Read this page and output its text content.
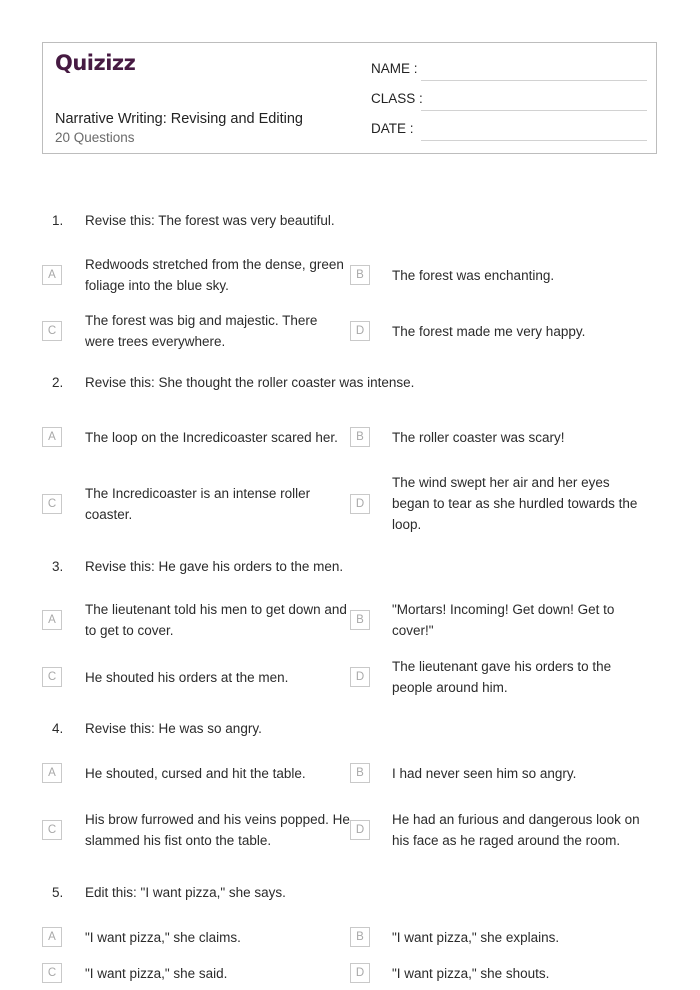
Quizizz
Narrative Writing: Revising and Editing
20 Questions
NAME :
CLASS :
DATE :
1. Revise this: The forest was very beautiful.
A
Redwoods stretched from the dense, green foliage into the blue sky.
B	The forest was enchanting.
C
The forest was big and majestic. There were trees everywhere.
D	The forest made me very happy.
2. Revise this: She thought the roller coaster was intense.
A	The loop on the Incredicoaster scared her.	B	The roller coaster was scary!
C
The Incredicoaster is an intense roller coaster.
D
The wind swept her air and her eyes began to tear as she hurdled towards the loop.
3. Revise this: He gave his orders to the men.
A
The lieutenant told his men to get down and to get to cover.
B
"Mortars! Incoming! Get down! Get to cover!"
C	He shouted his orders at the men.	D
The lieutenant gave his orders to the people around him.
4. Revise this: He was so angry.
A	He shouted, cursed and hit the table.	B	I had never seen him so angry.
C
His brow furrowed and his veins popped. He slammed his fist onto the table.
D
He had an furious and dangerous look on his face as he raged around the room.
5. Edit this: "I want pizza," she says.
A	"I want pizza," she claims.	B	"I want pizza," she explains.
C	"I want pizza," she said.	D	"I want pizza," she shouts.
